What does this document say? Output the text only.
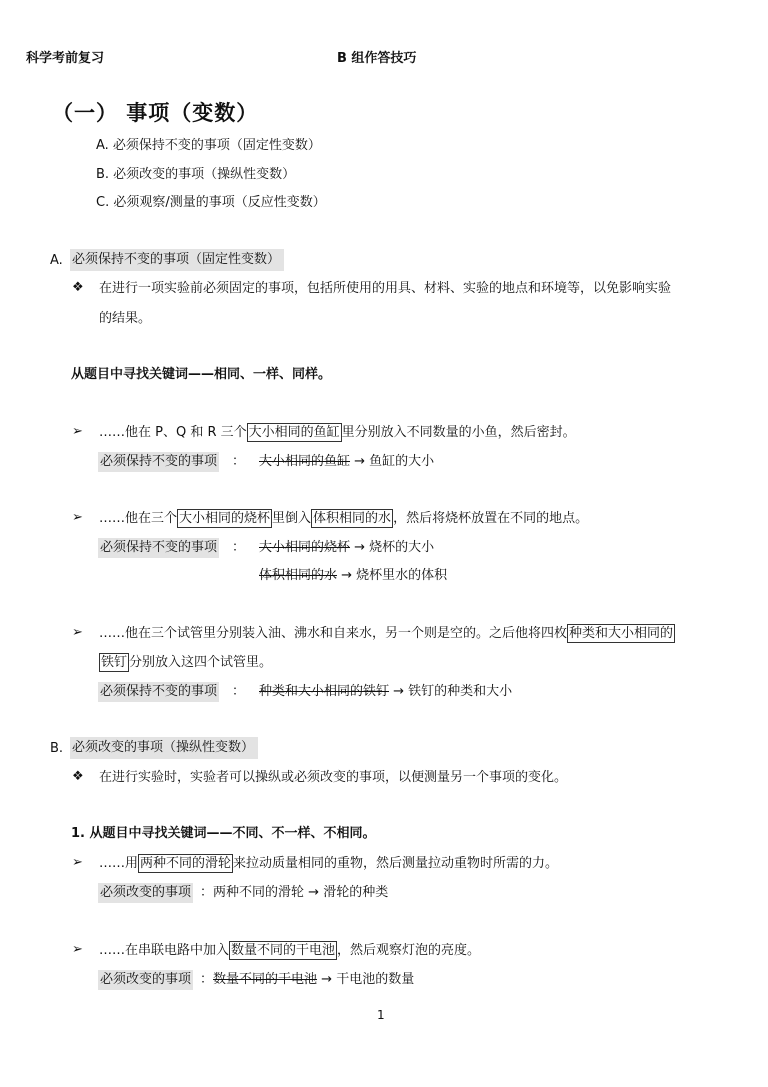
科学考前复习	B 组作答技巧
（一） 事项（变数）
A. 必须保持不变的事项（固定性变数）
B. 必须改变的事项（操纵性变数）
C. 必须观察/测量的事项（反应性变数）
A. 必须保持不变的事项（固定性变数）
❖ 在进行一项实验前必须固定的事项，包括所使用的用具、材料、实验的地点和环境等，以免影响实验
的结果。
从题目中寻找关键词——相同、一样、同样。
➢ ……他在 P、Q 和 R 三个 大小相同的鱼缸 里分别放入不同数量的小鱼，然后密封。
必须保持不变的事项 ： 大小相同的鱼缸 → 鱼缸的大小
➢ ……他在三个 大小相同的烧杯 里倒入 体积相同的水 ，然后将烧杯放置在不同的地点。
必须保持不变的事项 ： 大小相同的烧杯 → 烧杯的大小
体积相同的水 → 烧杯里水的体积
➢ ……他在三个试管里分别装入油、沸水和自来水，另一个则是空的。之后他将四枚 种类和大小相同的
铁钉 分别放入这四个试管里。
必须保持不变的事项 ： 种类和大小相同的铁钉 → 铁钉的种类和大小
B. 必须改变的事项（操纵性变数）
❖ 在进行实验时，实验者可以操纵或必须改变的事项，以便测量另一个事项的变化。
1. 从题目中寻找关键词——不同、不一样、不相同。
➢ ……用 两种不同的滑轮 来拉动质量相同的重物，然后测量拉动重物时所需的力。
必须改变的事项 ：两种不同的滑轮 → 滑轮的种类
➢ ……在串联电路中加入 数量不同的干电池 ，然后观察灯泡的亮度。
必须改变的事项 ：数量不同的干电池 → 干电池的数量
1
